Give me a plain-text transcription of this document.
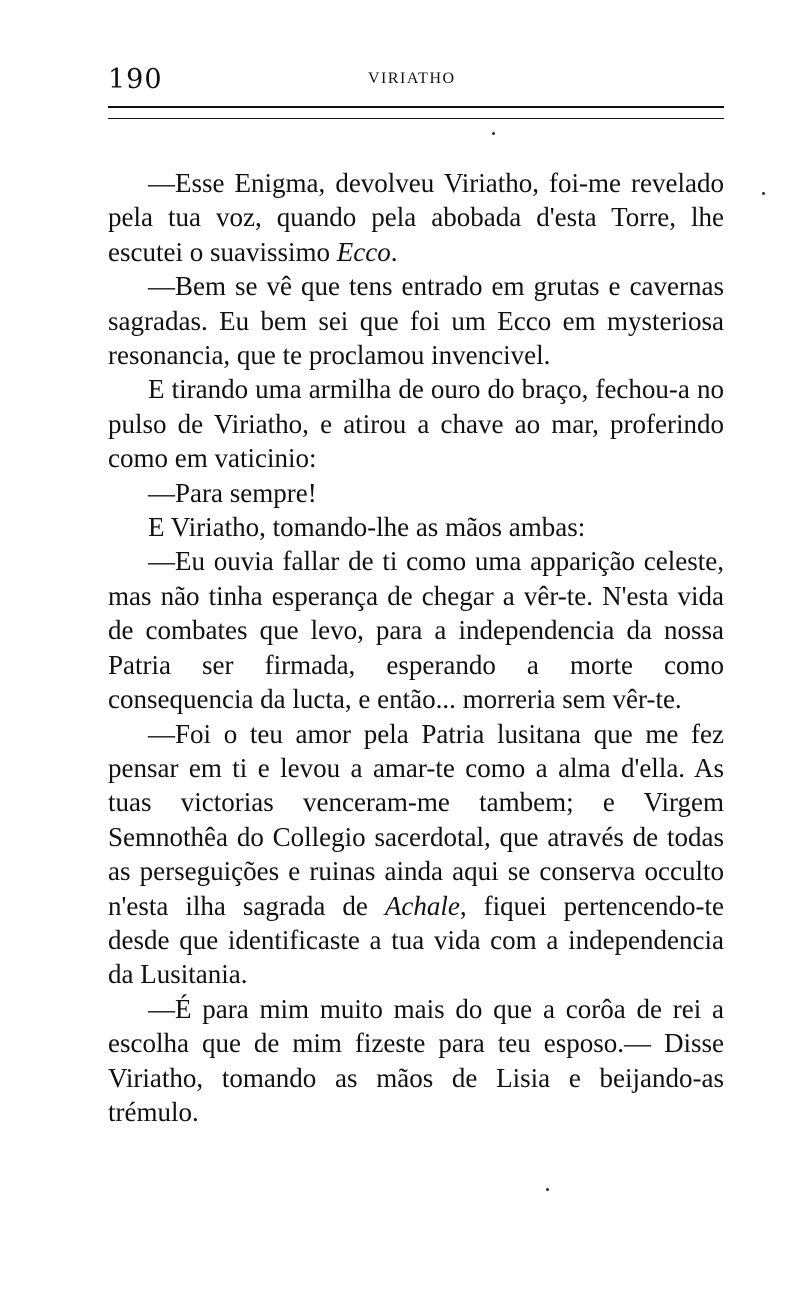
190	VIRIATHO

—Esse Enigma, devolveu Viriatho, foi-me revelado pela tua voz, quando pela abobada d'esta Torre, lhe escutei o suavissimo Ecco.

—Bem se vê que tens entrado em grutas e cavernas sagradas. Eu bem sei que foi um Ecco em mysteriosa resonancia, que te proclamou invencivel.

E tirando uma armilha de ouro do braço, fechou-a no pulso de Viriatho, e atirou a chave ao mar, proferindo como em vaticinio:

—Para sempre!

E Viriatho, tomando-lhe as mãos ambas:

—Eu ouvia fallar de ti como uma apparição celeste, mas não tinha esperança de chegar a vêr-te. N'esta vida de combates que levo, para a independencia da nossa Patria ser firmada, esperando a morte como consequencia da lucta, e então... morreria sem vêr-te.

—Foi o teu amor pela Patria lusitana que me fez pensar em ti e levou a amar-te como a alma d'ella. As tuas victorias venceram-me tambem; e Virgem Semnothêa do Collegio sacerdotal, que através de todas as perseguições e ruinas ainda aqui se conserva occulto n'esta ilha sagrada de Achale, fiquei pertencendo-te desde que identificaste a tua vida com a independencia da Lusitania.

—É para mim muito mais do que a corôa de rei a escolha que de mim fizeste para teu esposo.— Disse Viriatho, tomando as mãos de Lisia e beijando-as trémulo.
